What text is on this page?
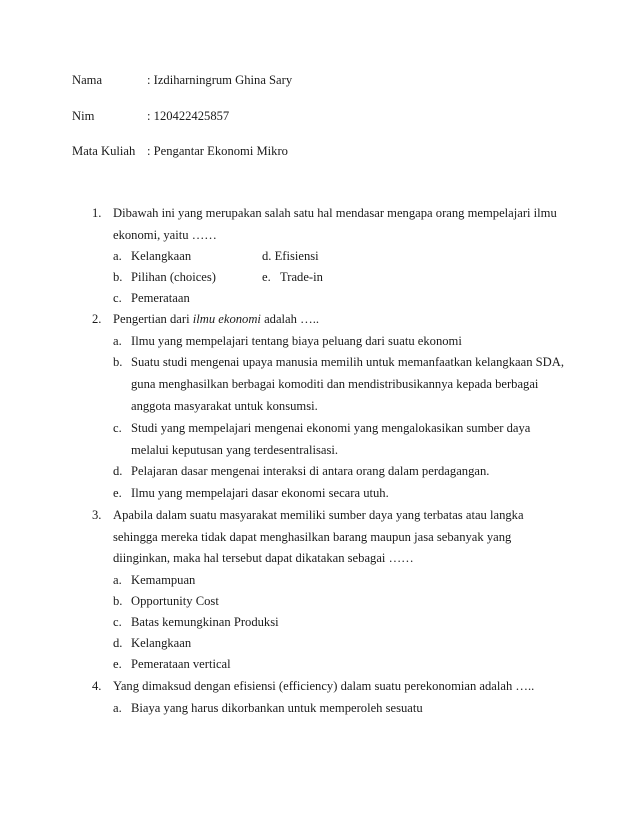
Nama	: Izdiharningrum Ghina Sary
Nim	: 120422425857
Mata Kuliah : Pengantar Ekonomi Mikro
1. Dibawah ini yang merupakan salah satu hal mendasar mengapa orang mempelajari ilmu
ekonomi, yaitu ……
a. Kelangkaan	d. Efisiensi
b. Pilihan (choices)	e. Trade-in
c. Pemerataan
2. Pengertian dari ilmu ekonomi adalah …..
a. Ilmu yang mempelajari tentang biaya peluang dari suatu ekonomi
b. Suatu studi mengenai upaya manusia memilih untuk memanfaatkan kelangkaan SDA,
guna menghasilkan berbagai komoditi dan mendistribusikannya kepada berbagai
anggota masyarakat untuk konsumsi.
c. Studi yang mempelajari mengenai ekonomi yang mengalokasikan sumber daya
melalui keputusan yang terdesentralisasi.
d. Pelajaran dasar mengenai interaksi di antara orang dalam perdagangan.
e. Ilmu yang mempelajari dasar ekonomi secara utuh.
3. Apabila dalam suatu masyarakat memiliki sumber daya yang terbatas atau langka
sehingga mereka tidak dapat menghasilkan barang maupun jasa sebanyak yang
diinginkan, maka hal tersebut dapat dikatakan sebagai ……
a. Kemampuan
b. Opportunity Cost
c. Batas kemungkinan Produksi
d. Kelangkaan
e. Pemerataan vertical
4. Yang dimaksud dengan efisiensi (efficiency) dalam suatu perekonomian adalah …..
a. Biaya yang harus dikorbankan untuk memperoleh sesuatu
